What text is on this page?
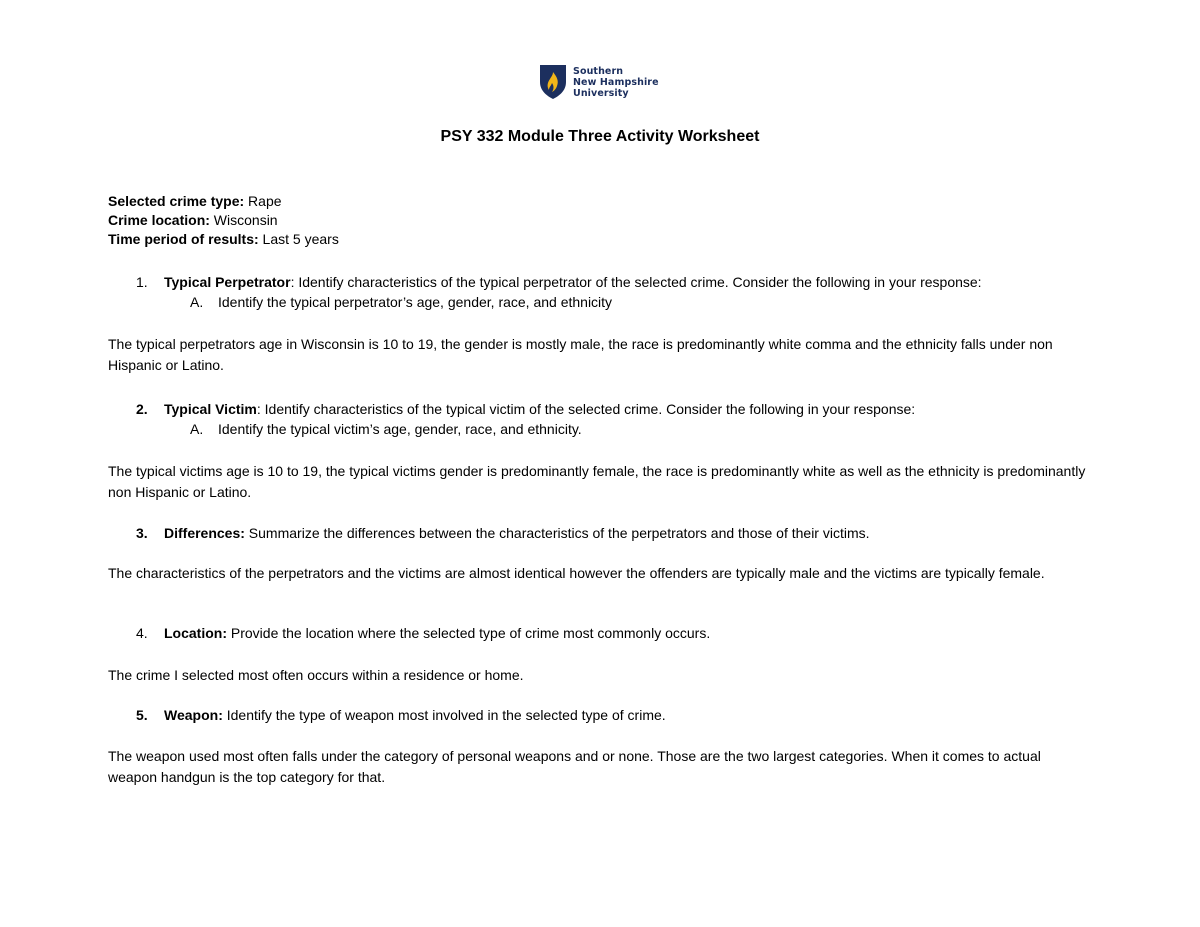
Southern
New Hampshire
University
PSY 332 Module Three Activity Worksheet
Selected crime type: Rape
Crime location: Wisconsin
Time period of results: Last 5 years
1. Typical Perpetrator: Identify characteristics of the typical perpetrator of the selected crime. Consider the following in your response:
A. Identify the typical perpetrator’s age, gender, race, and ethnicity
The typical perpetrators age in Wisconsin is 10 to 19, the gender is mostly male, the race is predominantly white comma and the ethnicity falls under non Hispanic or Latino.
2. Typical Victim: Identify characteristics of the typical victim of the selected crime. Consider the following in your response:
A. Identify the typical victim’s age, gender, race, and ethnicity.
The typical victims age is 10 to 19, the typical victims gender is predominantly female, the race is predominantly white as well as the ethnicity is predominantly non Hispanic or Latino.
3. Differences: Summarize the differences between the characteristics of the perpetrators and those of their victims.
The characteristics of the perpetrators and the victims are almost identical however the offenders are typically male and the victims are typically female.
4. Location: Provide the location where the selected type of crime most commonly occurs.
The crime I selected most often occurs within a residence or home.
5. Weapon: Identify the type of weapon most involved in the selected type of crime.
The weapon used most often falls under the category of personal weapons and or none. Those are the two largest categories. When it comes to actual weapon handgun is the top category for that.
